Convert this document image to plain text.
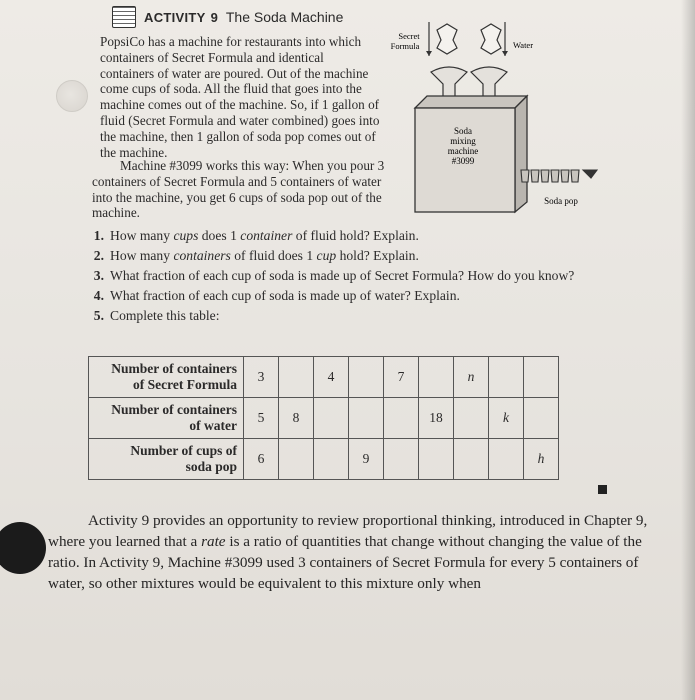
ACTIVITY 9 The Soda Machine
PopsiCo has a machine for restaurants into which containers of Secret Formula and identical containers of water are poured. Out of the machine come cups of soda. All the fluid that goes into the machine comes out of the machine. So, if 1 gallon of fluid (Secret Formula and water combined) goes into the machine, then 1 gallon of soda pop comes out of the machine.
Machine #3099 works this way: When you pour 3 containers of Secret Formula and 5 containers of water into the machine, you get 6 cups of soda pop out of the machine.
Secret
Formula	Water
Soda
mixing
machine
#3099
Soda pop
1. How many cups does 1 container of fluid hold? Explain.
2. How many containers of fluid does 1 cup hold? Explain.
3. What fraction of each cup of soda is made up of Secret Formula? How do you know?
4. What fraction of each cup of soda is made up of water? Explain.
5. Complete this table:
Number of containers
of Secret Formula	3		4		7		n		

Number of containers
of water	5	8				18		k	

Number of cups of
soda pop	6			9					h
Activity 9 provides an opportunity to review proportional thinking, introduced in Chapter 9, where you learned that a rate is a ratio of quantities that change without changing the value of the ratio. In Activity 9, Machine #3099 used 3 containers of Secret Formula for every 5 containers of water, so other mixtures would be equivalent to this mixture only when
